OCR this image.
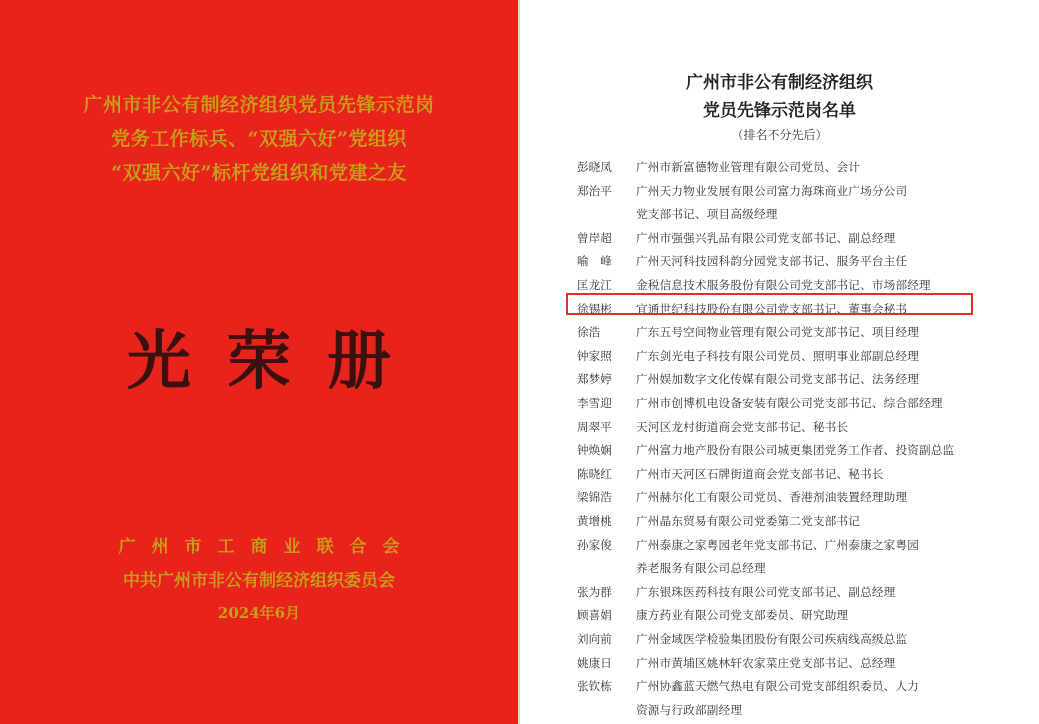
广州市非公有制经济组织党员先锋示范岗
党务工作标兵、“双强六好”党组织
“双强六好”标杆党组织和党建之友
光荣册
广州市工商业联合会
中共广州市非公有制经济组织委员会
2024年6月
广州市非公有制经济组织
党员先锋示范岗名单
（排名不分先后）
彭晓凤	广州市新富德物业管理有限公司党员、会计
郑治平	广州天力物业发展有限公司富力海珠商业广场分公司
党支部书记、项目高级经理
曾岸超	广州市强强兴乳品有限公司党支部书记、副总经理
喻　峰	广州天河科技园科韵分园党支部书记、服务平台主任
匡龙江	金税信息技术服务股份有限公司党支部书记、市场部经理
徐锡彬	宜通世纪科技股份有限公司党支部书记、董事会秘书
徐浩	广东五号空间物业管理有限公司党支部书记、项目经理
钟家照	广东剑光电子科技有限公司党员、照明事业部副总经理
郑梦婷	广州娱加数字文化传媒有限公司党支部书记、法务经理
李雪迎	广州市创博机电设备安装有限公司党支部书记、综合部经理
周翠平	天河区龙村街道商会党支部书记、秘书长
钟焕娴	广州富力地产股份有限公司城更集团党务工作者、投资副总监
陈晓红	广州市天河区石牌街道商会党支部书记、秘书长
梁锦浩	广州赫尔化工有限公司党员、香港剂油装置经理助理
黄增桃	广州晶东贸易有限公司党委第二党支部书记
孙家俊	广州泰康之家粤园老年党支部书记、广州泰康之家粤园
养老服务有限公司总经理
张为群	广东银珠医药科技有限公司党支部书记、副总经理
顾喜娟	康方药业有限公司党支部委员、研究助理
刘向前	广州金域医学检验集团股份有限公司疾病线高级总监
姚康日	广州市黄埔区姚林轩农家菜庄党支部书记、总经理
张钦栋	广州协鑫蓝天燃气热电有限公司党支部组织委员、人力
资源与行政部副经理
